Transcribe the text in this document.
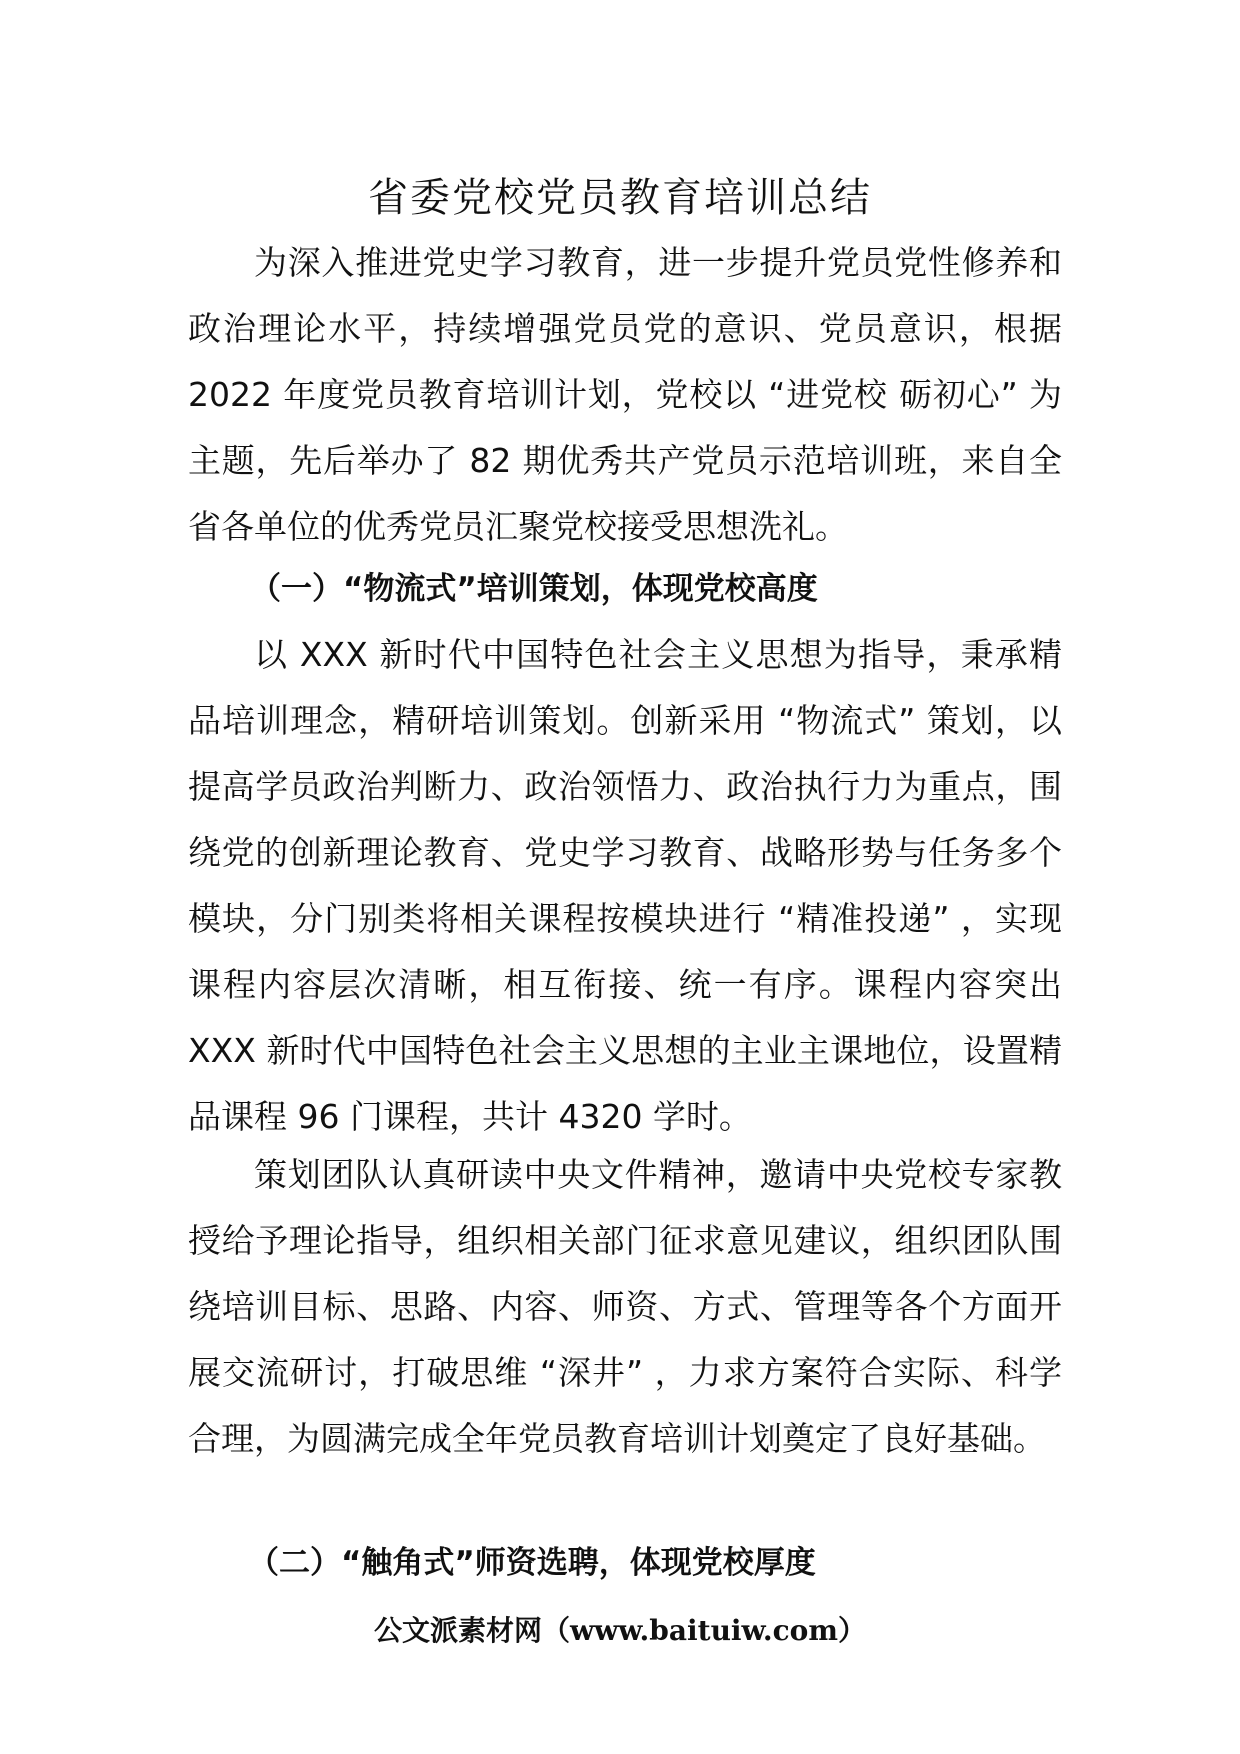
省委党校党员教育培训总结

为深入推进党史学习教育，进一步提升党员党性修养和政治理论水平，持续增强党员党的意识、党员意识，根据 2022 年度党员教育培训计划，党校以 “进党校 砺初心” 为主题，先后举办了 82 期优秀共产党员示范培训班，来自全省各单位的优秀党员汇聚党校接受思想洗礼。

（一）“物流式”培训策划，体现党校高度

以 XXX 新时代中国特色社会主义思想为指导，秉承精品培训理念，精研培训策划。创新采用 “物流式” 策划，以提高学员政治判断力、政治领悟力、政治执行力为重点，围绕党的创新理论教育、党史学习教育、战略形势与任务多个模块，分门别类将相关课程按模块进行 “精准投递” ，实现课程内容层次清晰，相互衔接、统一有序。课程内容突出 XXX 新时代中国特色社会主义思想的主业主课地位，设置精品课程 96 门课程，共计 4320 学时。

策划团队认真研读中央文件精神，邀请中央党校专家教授给予理论指导，组织相关部门征求意见建议，组织团队围绕培训目标、思路、内容、师资、方式、管理等各个方面开展交流研讨，打破思维 “深井” ，力求方案符合实际、科学合理，为圆满完成全年党员教育培训计划奠定了良好基础。

（二）“触角式”师资选聘，体现党校厚度

公文派素材网（www.baituiw.com）
